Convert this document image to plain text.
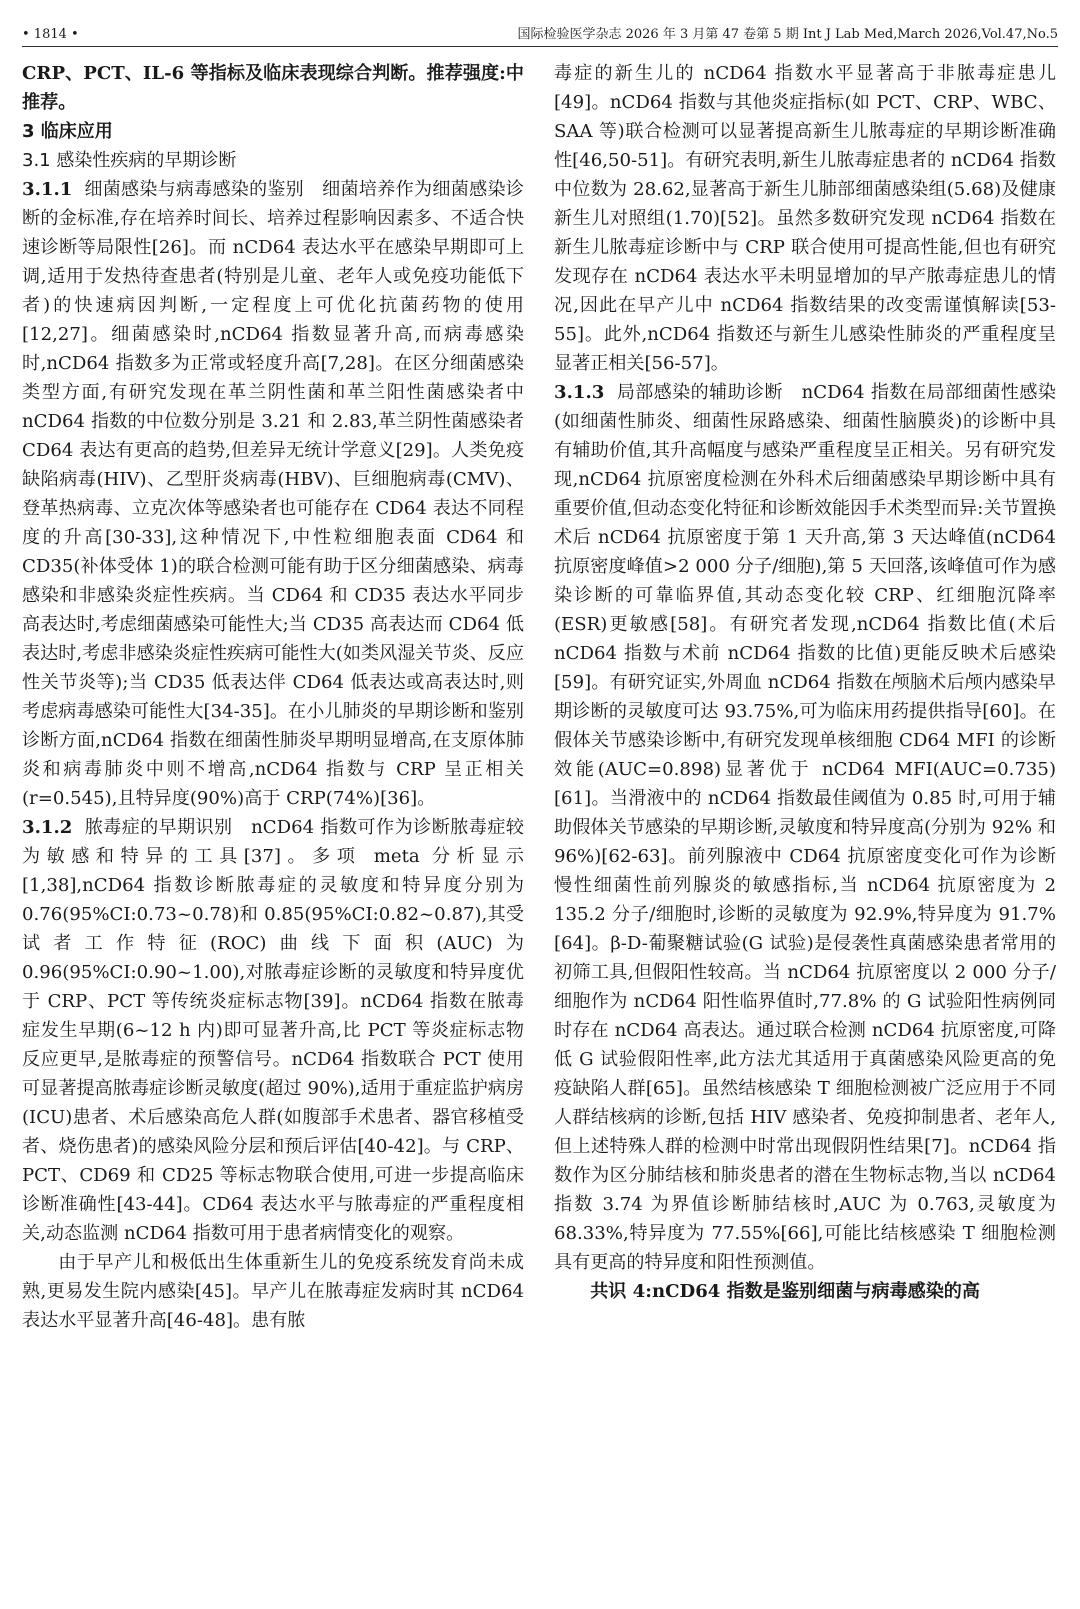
• 1814 •	国际检验医学杂志 2026 年 3 月第 47 卷第 5 期 Int J Lab Med,March 2026,Vol.47,No.5

CRP、PCT、IL-6 等指标及临床表现综合判断。推荐强度:中推荐。

3 临床应用

3.1 感染性疾病的早期诊断

3.1.1 细菌感染与病毒感染的鉴别 细菌培养作为细菌感染诊断的金标准,存在培养时间长、培养过程影响因素多、不适合快速诊断等局限性[26]。而 nCD64 表达水平在感染早期即可上调,适用于发热待查患者(特别是儿童、老年人或免疫功能低下者)的快速病因判断,一定程度上可优化抗菌药物的使用[12,27]。细菌感染时,nCD64 指数显著升高,而病毒感染时,nCD64 指数多为正常或轻度升高[7,28]。在区分细菌感染类型方面,有研究发现在革兰阴性菌和革兰阳性菌感染者中 nCD64 指数的中位数分别是 3.21 和 2.83,革兰阴性菌感染者 CD64 表达有更高的趋势,但差异无统计学意义[29]。人类免疫缺陷病毒(HIV)、乙型肝炎病毒(HBV)、巨细胞病毒(CMV)、登革热病毒、立克次体等感染者也可能存在 CD64 表达不同程度的升高[30-33],这种情况下,中性粒细胞表面 CD64 和 CD35(补体受体 1)的联合检测可能有助于区分细菌感染、病毒感染和非感染炎症性疾病。当 CD64 和 CD35 表达水平同步高表达时,考虑细菌感染可能性大;当 CD35 高表达而 CD64 低表达时,考虑非感染炎症性疾病可能性大(如类风湿关节炎、反应性关节炎等);当 CD35 低表达伴 CD64 低表达或高表达时,则考虑病毒感染可能性大[34-35]。在小儿肺炎的早期诊断和鉴别诊断方面,nCD64 指数在细菌性肺炎早期明显增高,在支原体肺炎和病毒肺炎中则不增高,nCD64 指数与 CRP 呈正相关(r=0.545),且特异度(90%)高于 CRP(74%)[36]。

3.1.2 脓毒症的早期识别 nCD64 指数可作为诊断脓毒症较为敏感和特异的工具[37]。多项 meta 分析显示[1,38],nCD64 指数诊断脓毒症的灵敏度和特异度分别为 0.76(95%CI:0.73~0.78)和 0.85(95%CI:0.82~0.87),其受试者工作特征(ROC)曲线下面积(AUC)为 0.96(95%CI:0.90~1.00),对脓毒症诊断的灵敏度和特异度优于 CRP、PCT 等传统炎症标志物[39]。nCD64 指数在脓毒症发生早期(6~12 h 内)即可显著升高,比 PCT 等炎症标志物反应更早,是脓毒症的预警信号。nCD64 指数联合 PCT 使用可显著提高脓毒症诊断灵敏度(超过 90%),适用于重症监护病房(ICU)患者、术后感染高危人群(如腹部手术患者、器官移植受者、烧伤患者)的感染风险分层和预后评估[40-42]。与 CRP、PCT、CD69 和 CD25 等标志物联合使用,可进一步提高临床诊断准确性[43-44]。CD64 表达水平与脓毒症的严重程度相关,动态监测 nCD64 指数可用于患者病情变化的观察。

由于早产儿和极低出生体重新生儿的免疫系统发育尚未成熟,更易发生院内感染[45]。早产儿在脓毒症发病时其 nCD64 表达水平显著升高[46-48]。患有脓

毒症的新生儿的 nCD64 指数水平显著高于非脓毒症患儿[49]。nCD64 指数与其他炎症指标(如 PCT、CRP、WBC、SAA 等)联合检测可以显著提高新生儿脓毒症的早期诊断准确性[46,50-51]。有研究表明,新生儿脓毒症患者的 nCD64 指数中位数为 28.62,显著高于新生儿肺部细菌感染组(5.68)及健康新生儿对照组(1.70)[52]。虽然多数研究发现 nCD64 指数在新生儿脓毒症诊断中与 CRP 联合使用可提高性能,但也有研究发现存在 nCD64 表达水平未明显增加的早产脓毒症患儿的情况,因此在早产儿中 nCD64 指数结果的改变需谨慎解读[53-55]。此外,nCD64 指数还与新生儿感染性肺炎的严重程度呈显著正相关[56-57]。

3.1.3 局部感染的辅助诊断 nCD64 指数在局部细菌性感染(如细菌性肺炎、细菌性尿路感染、细菌性脑膜炎)的诊断中具有辅助价值,其升高幅度与感染严重程度呈正相关。另有研究发现,nCD64 抗原密度检测在外科术后细菌感染早期诊断中具有重要价值,但动态变化特征和诊断效能因手术类型而异:关节置换术后 nCD64 抗原密度于第 1 天升高,第 3 天达峰值(nCD64 抗原密度峰值>2 000 分子/细胞),第 5 天回落,该峰值可作为感染诊断的可靠临界值,其动态变化较 CRP、红细胞沉降率(ESR)更敏感[58]。有研究者发现,nCD64 指数比值(术后 nCD64 指数与术前 nCD64 指数的比值)更能反映术后感染[59]。有研究证实,外周血 nCD64 指数在颅脑术后颅内感染早期诊断的灵敏度可达 93.75%,可为临床用药提供指导[60]。在假体关节感染诊断中,有研究发现单核细胞 CD64 MFI 的诊断效能(AUC=0.898)显著优于 nCD64 MFI(AUC=0.735)[61]。当滑液中的 nCD64 指数最佳阈值为 0.85 时,可用于辅助假体关节感染的早期诊断,灵敏度和特异度高(分别为 92% 和 96%)[62-63]。前列腺液中 CD64 抗原密度变化可作为诊断慢性细菌性前列腺炎的敏感指标,当 nCD64 抗原密度为 2 135.2 分子/细胞时,诊断的灵敏度为 92.9%,特异度为 91.7%[64]。β-D-葡聚糖试验(G 试验)是侵袭性真菌感染患者常用的初筛工具,但假阳性较高。当 nCD64 抗原密度以 2 000 分子/细胞作为 nCD64 阳性临界值时,77.8% 的 G 试验阳性病例同时存在 nCD64 高表达。通过联合检测 nCD64 抗原密度,可降低 G 试验假阳性率,此方法尤其适用于真菌感染风险更高的免疫缺陷人群[65]。虽然结核感染 T 细胞检测被广泛应用于不同人群结核病的诊断,包括 HIV 感染者、免疫抑制患者、老年人,但上述特殊人群的检测中时常出现假阴性结果[7]。nCD64 指数作为区分肺结核和肺炎患者的潜在生物标志物,当以 nCD64 指数 3.74 为界值诊断肺结核时,AUC 为 0.763,灵敏度为 68.33%,特异度为 77.55%[66],可能比结核感染 T 细胞检测具有更高的特异度和阳性预测值。

共识 4:nCD64 指数是鉴别细菌与病毒感染的高
